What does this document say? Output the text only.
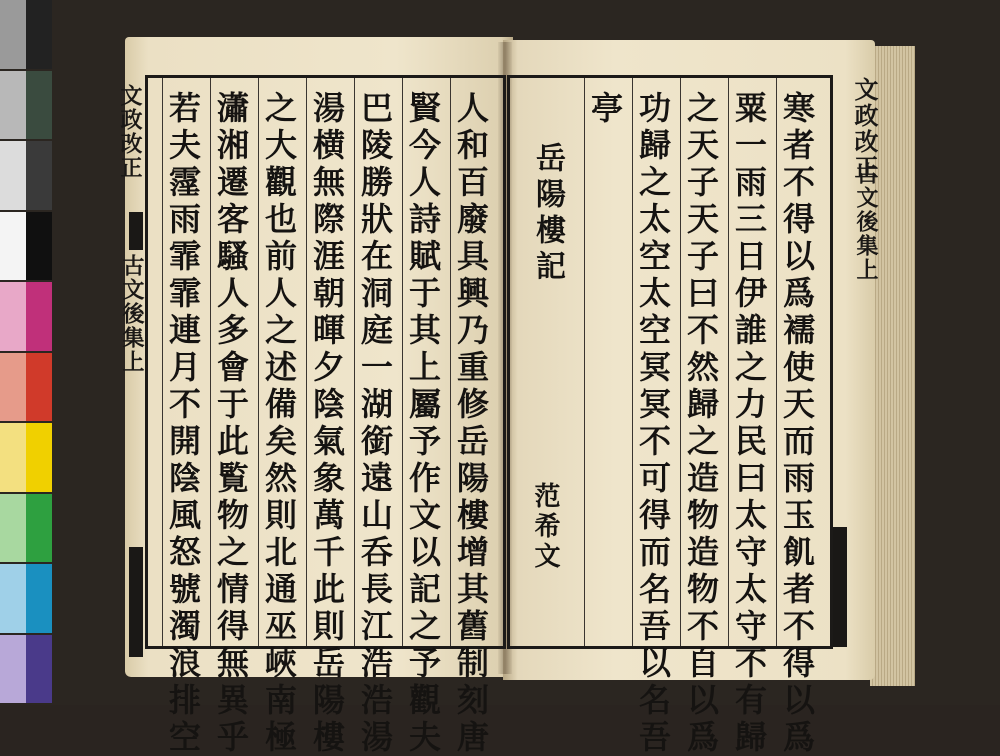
文政改正
古文後集上
文政改正
古文後集上
人
和
百
廢
具
興
乃
重
修
岳
陽
樓
增
其
舊
制
刻
唐
賢
今
人
詩
賦
于
其
上
屬
予
作
文
以
記
之
予
觀
夫
巴
陵
勝
狀
在
洞
庭
一
湖
銜
遠
山
呑
長
江
浩
浩
湯
湯
横
無
際
涯
朝
暉
夕
陰
氣
象
萬
千
此
則
岳
陽
樓
之
大
觀
也
前
人
之
述
備
矣
然
則
北
通
巫
峽
南
極
瀟
湘
遷
客
騷
人
多
會
于
此
覧
物
之
情
得
無
異
乎
若
夫
霪
雨
霏
霏
連
月
不
開
陰
風
怒
號
濁
浪
排
空
寒
者
不
得
以
爲
襦
使
天
而
雨
玉
飢
者
不
得
以
爲
粟
一
雨
三
日
伊
誰
之
力
民
曰
太
守
太
守
不
有
歸
之
天
子
天
子
曰
不
然
歸
之
造
物
造
物
不
自
以
爲
功
歸
之
太
空
太
空
冥
冥
不
可
得
而
名
吾
以
名
吾
亭
岳陽樓記
范希文
